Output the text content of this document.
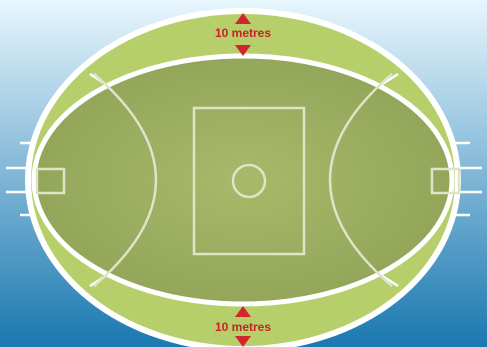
10 metres

10 metres
